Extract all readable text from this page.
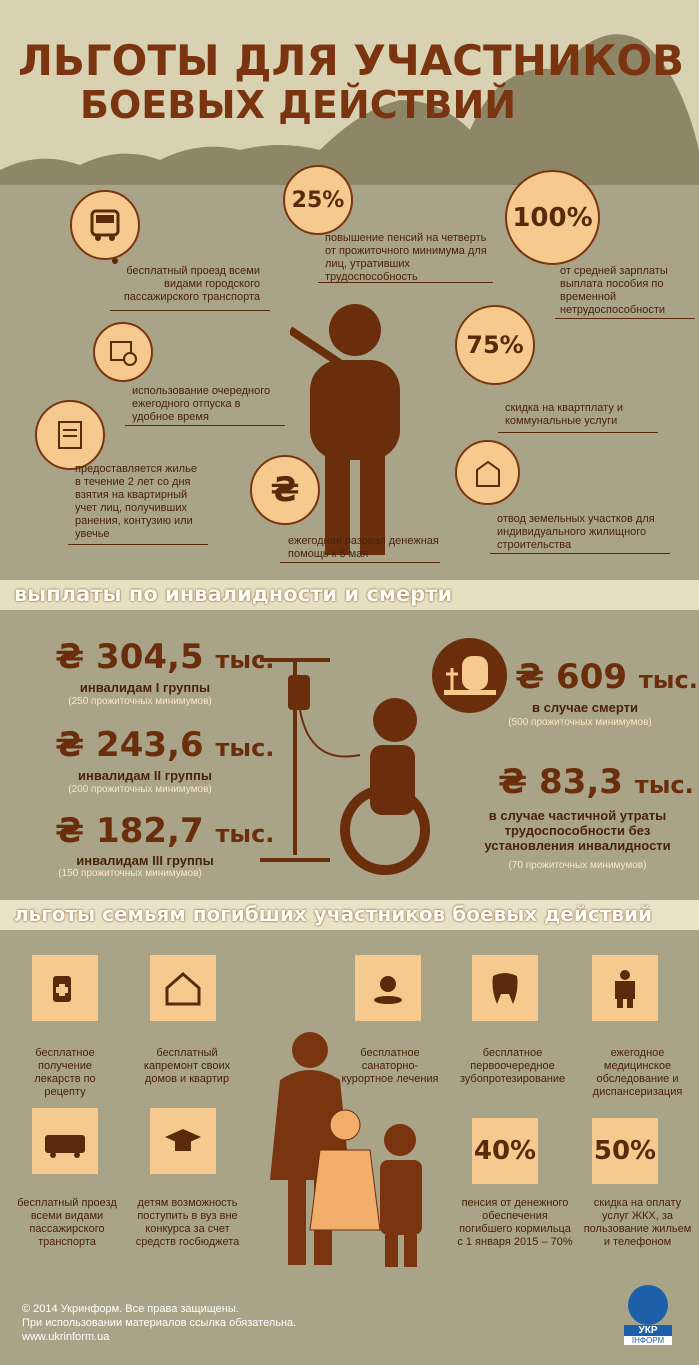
ЛЬГОТЫ ДЛЯ УЧАСТНИКОВ
БОЕВЫХ ДЕЙСТВИЙ
бесплатный проезд всеми видами городского пассажирского транспорта
25%
повышение пенсий на четверть от прожиточного минимума для лиц, утративших трудоспособность
100%
от средней зарплаты выплата пособия по временной нетрудоспособности
использование очередного ежегодного отпуска в удобное время
75%
скидка на квартплату и коммунальные услуги
предоставляется жилье в течение 2 лет со дня взятия на квартирный учет лиц, получивших ранения, контузию или увечье
₴
ежегодная разовая денежная помощь к 5 мая
отвод земельных участков для индивидуального жилищного строительства
выплаты по инвалидности и смерти
₴ 304,5 тыс.
инвалидам I группы
(250 прожиточных минимумов)
₴ 243,6 тыс.
инвалидам II группы
(200 прожиточных минимумов)
₴ 182,7 тыс.
инвалидам III группы
(150 прожиточных минимумов)
₴ 609 тыс.
в случае смерти
(500 прожиточных минимумов)
₴ 83,3 тыс.
в случае частичной утраты трудоспособности без установления инвалидности
(70 прожиточных минимумов)
льготы семьям погибших участников боевых действий
бесплатное получение лекарств по рецепту
бесплатный капремонт своих домов и квартир
бесплатное санаторно-курортное лечения
бесплатное первоочередное зубопротезирование
ежегодное медицинское обследование и диспансеризация
бесплатный проезд всеми видами пассажирского транспорта
детям возможность поступить в вуз вне конкурса за счет средств госбюджета
40%
пенсия от денежного обеспечения погибшего кормильца с 1 января 2015 – 70%
50%
скидка на оплату услуг ЖКХ, за пользование жильем и телефоном
© 2014 Укринформ. Все права защищены.
При использовании материалов ссылка обязательна.
www.ukrinform.ua
УКР
ІНФОРМ
